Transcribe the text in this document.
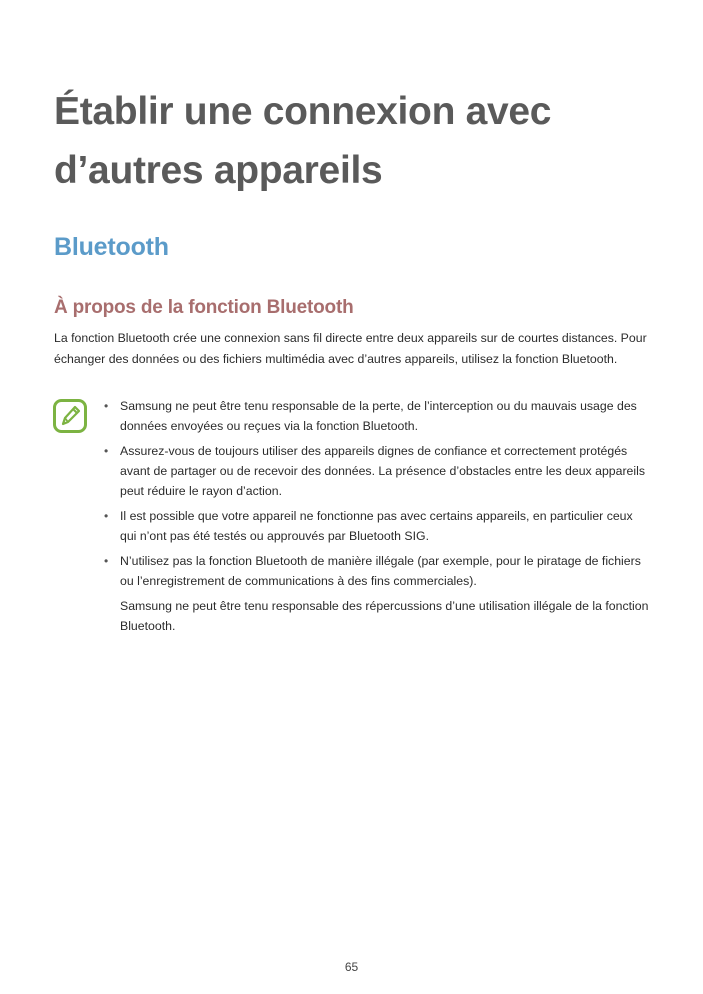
Établir une connexion avec d’autres appareils
Bluetooth
À propos de la fonction Bluetooth

La fonction Bluetooth crée une connexion sans fil directe entre deux appareils sur de courtes distances. Pour échanger des données ou des fichiers multimédia avec d’autres appareils, utilisez la fonction Bluetooth.

• Samsung ne peut être tenu responsable de la perte, de l’interception ou du mauvais usage des données envoyées ou reçues via la fonction Bluetooth.

• Assurez-vous de toujours utiliser des appareils dignes de confiance et correctement protégés avant de partager ou de recevoir des données. La présence d’obstacles entre les deux appareils peut réduire le rayon d’action.

• Il est possible que votre appareil ne fonctionne pas avec certains appareils, en particulier ceux qui n’ont pas été testés ou approuvés par Bluetooth SIG.

• N’utilisez pas la fonction Bluetooth de manière illégale (par exemple, pour le piratage de fichiers ou l’enregistrement de communications à des fins commerciales).

Samsung ne peut être tenu responsable des répercussions d’une utilisation illégale de la fonction Bluetooth.

65
